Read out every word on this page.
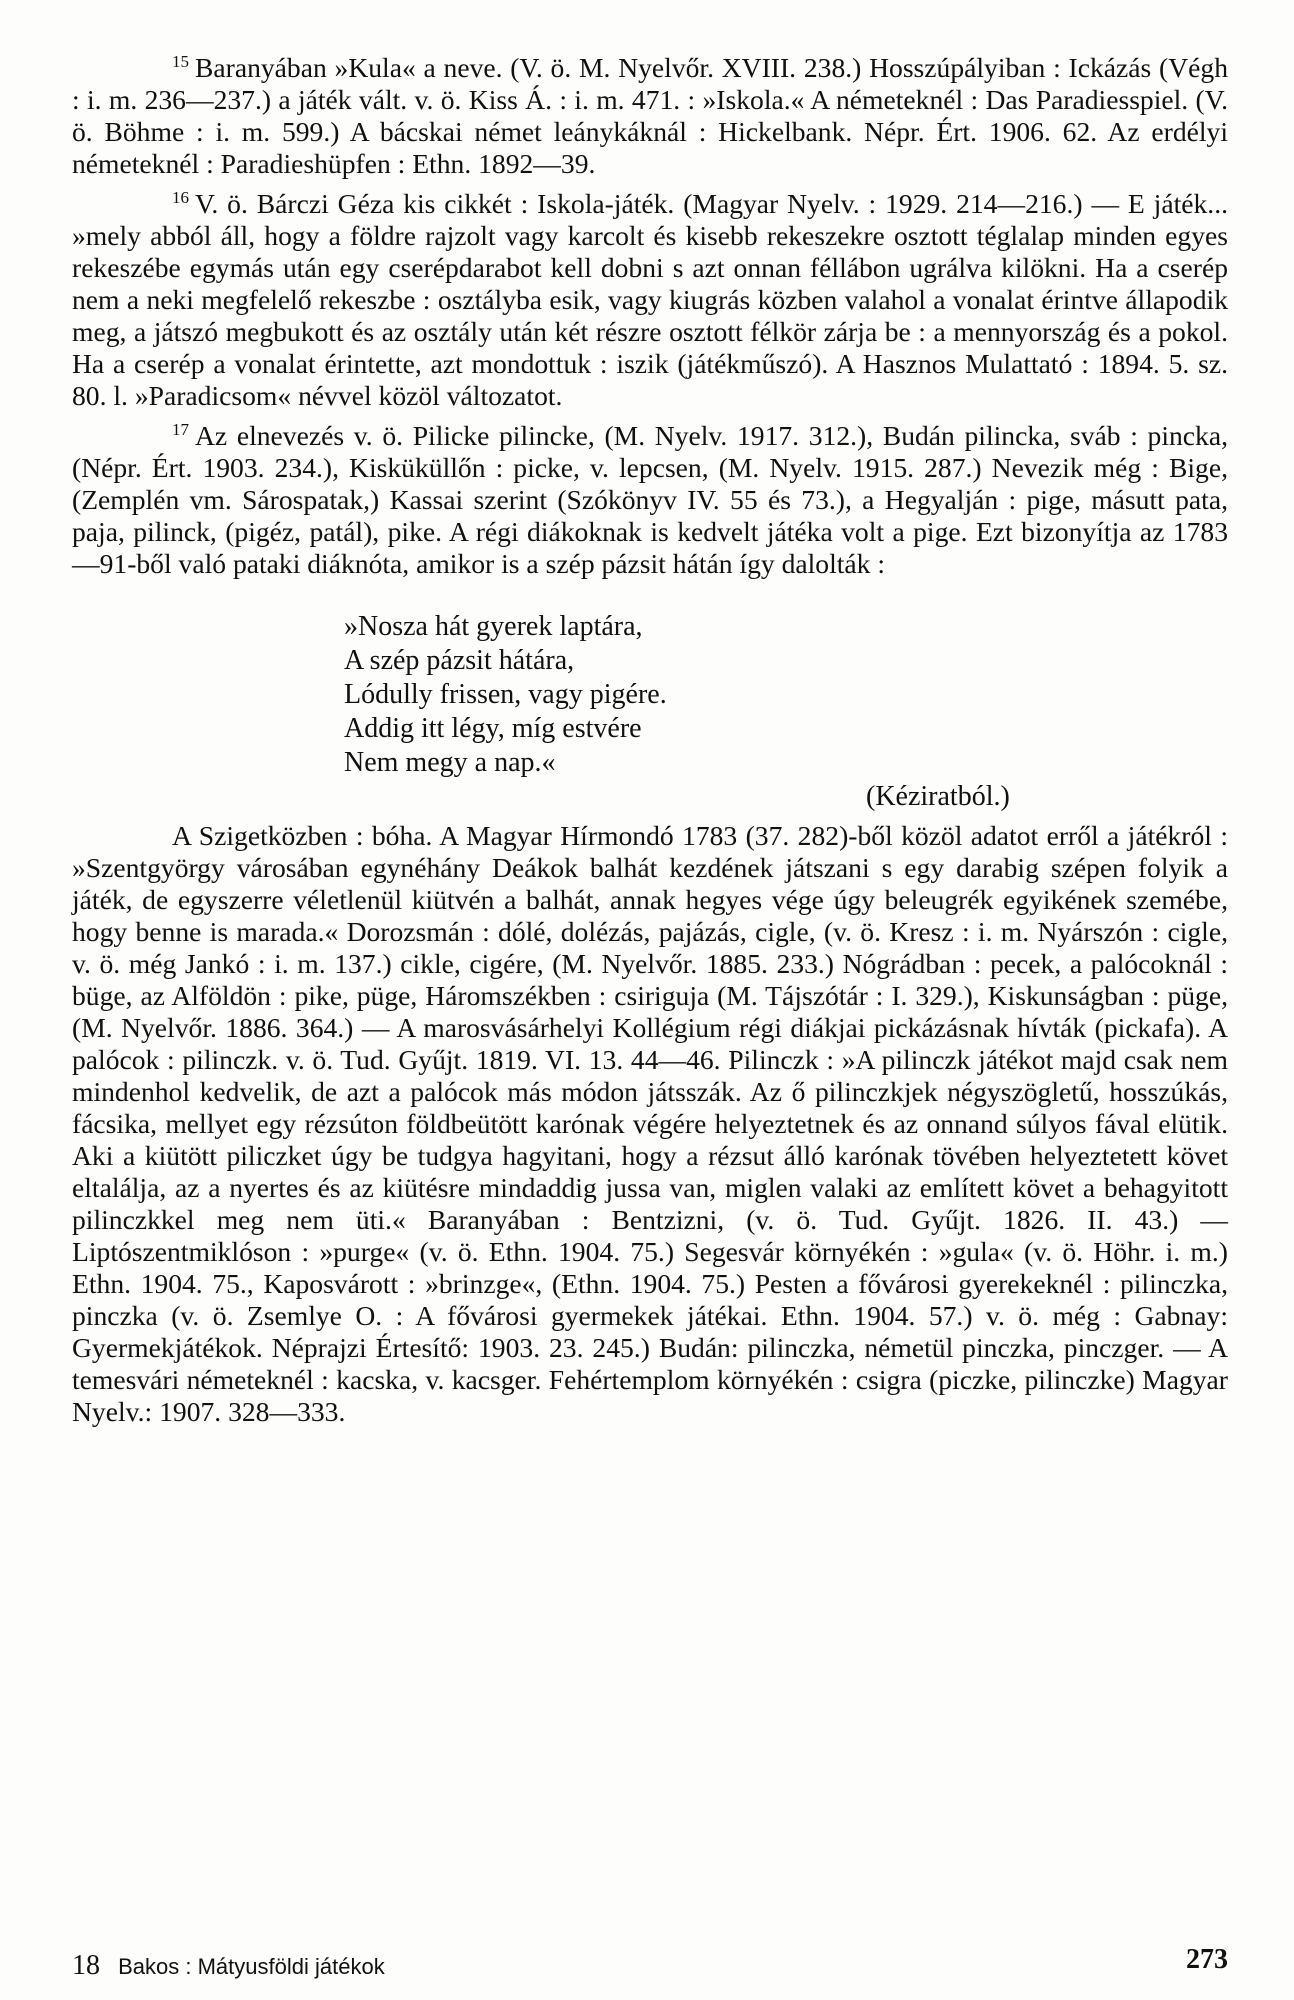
$^{15}$ Baranyában »Kula« a neve. (V. ö. M. Nyelvőr. XVIII. 238.) Hosszúpályiban : Ickázás (Végh : i. m. 236—237.) a játék vált. v. ö. Kiss Á. : i. m. 471. : »Iskola.« A németeknél : Das Paradiesspiel. (V. ö. Böhme : i. m. 599.) A bácskai német leánykáknál : Hickelbank. Népr. Ért. 1906. 62. Az erdélyi németeknél : Paradieshüpfen : Ethn. 1892—39.

$^{16}$ V. ö. Bárczi Géza kis cikkét : Iskola-játék. (Magyar Nyelv. : 1929. 214—216.) — E játék... »mely abból áll, hogy a földre rajzolt vagy karcolt és kisebb rekeszekre osztott téglalap minden egyes rekeszébe egymás után egy cserépdarabot kell dobni s azt onnan féllábon ugrálva kilökni. Ha a cserép nem a neki megfelelő rekeszbe : osztályba esik, vagy kiugrás közben valahol a vonalat érintve állapodik meg, a játszó megbukott és az osztály után két részre osztott félkör zárja be : a mennyország és a pokol. Ha a cserép a vonalat érintette, azt mondottuk : iszik (játékműszó). A Hasznos Mulattató : 1894. 5. sz. 80. l. »Paradicsom« névvel közöl változatot.

$^{17}$ Az elnevezés v. ö. Pilicke pilincke, (M. Nyelv. 1917. 312.), Budán pilincka, sváb : pincka, (Népr. Ért. 1903. 234.), Kisküküllőn : picke, v. lepcsen, (M. Nyelv. 1915. 287.) Nevezik még : Bige, (Zemplén vm. Sárospatak,) Kassai szerint (Szókönyv IV. 55 és 73.), a Hegyalján : pige, másutt pata, paja, pilinck, (pigéz, patál), pike. A régi diákoknak is kedvelt játéka volt a pige. Ezt bizonyítja az 1783—91-ből való pataki diáknóta, amikor is a szép pázsit hátán így dalolták :

»Nosza hát gyerek laptára,
A szép pázsit hátára,
Lódully frissen, vagy pigére.
Addig itt légy, míg estvére
Nem megy a nap.«
(Kéziratból.)

A Szigetközben : bóha. A Magyar Hírmondó 1783 (37. 282)-ből közöl adatot erről a játékról : »Szentgyörgy városában egynéhány Deákok balhát kezdének játszani s egy darabig szépen folyik a játék, de egyszerre véletlenül kiütvén a balhát, annak hegyes vége úgy beleugrék egyikének szemébe, hogy benne is marada.« Dorozsmán : dólé, dolézás, pajázás, cigle, (v. ö. Kresz : i. m. Nyárszón : cigle, v. ö. még Jankó : i. m. 137.) cikle, cigére, (M. Nyelvőr. 1885. 233.) Nógrádban : pecek, a palócoknál : büge, az Alföldön : pike, püge, Háromszékben : csiriguja (M. Tájszótár : I. 329.), Kiskunságban : püge, (M. Nyelvőr. 1886. 364.) — A marosvásárhelyi Kollégium régi diákjai pickázásnak hívták (pickafa). A palócok : pilinczk. v. ö. Tud. Gyűjt. 1819. VI. 13. 44—46. Pilinczk : »A pilinczk játékot majd csak nem mindenhol kedvelik, de azt a palócok más módon játsszák. Az ő pilinczkjek négyszögletű, hosszúkás, fácsika, mellyet egy rézsúton földbeütött karónak végére helyeztetnek és az onnand súlyos fával elütik. Aki a kiütött piliczket úgy be tudgya hagyitani, hogy a rézsut álló karónak tövében helyeztetett követ eltalálja, az a nyertes és az kiütésre mindaddig jussa van, miglen valaki az említett követ a behagyitott pilinczkkel meg nem üti.« Baranyában : Bentzizni, (v. ö. Tud. Gyűjt. 1826. II. 43.) — Liptószentmiklóson : »purge« (v. ö. Ethn. 1904. 75.) Segesvár környékén : »gula« (v. ö. Höhr. i. m.) Ethn. 1904. 75., Kaposvárott : »brinzge«, (Ethn. 1904. 75.) Pesten a fővárosi gyerekeknél : pilinczka, pinczka (v. ö. Zsemlye O. : A fővárosi gyermekek játékai. Ethn. 1904. 57.) v. ö. még : Gabnay: Gyermekjátékok. Néprajzi Értesítő: 1903. 23. 245.) Budán: pilinczka, németül pinczka, pinczger. — A temesvári németeknél : kacska, v. kacsger. Fehértemplom környékén : csigra (piczke, pilinczke) Magyar Nyelv.: 1907. 328—333.

18 Bakos : Mátyusföldi játékok	273
